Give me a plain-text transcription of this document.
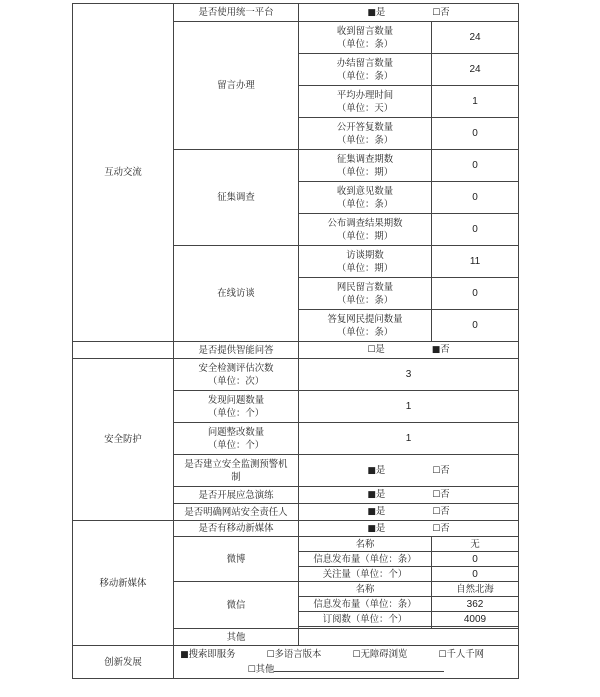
互动交流	是否使用统一平台	■是 ☐否	
	留言办理	收到留言数量
（单位：条）	24
		办结留言数量
（单位：条）	24
		平均办理时间
（单位：天）	1
		公开答复数量
（单位：条）	0
	征集调查	征集调查期数
（单位：期）	0
		收到意见数量
（单位：条）	0
		公布调查结果期数
（单位：期）	0
	在线访谈	访谈期数
（单位：期）	11
		网民留言数量
（单位：条）	0
		答复网民提问数量
（单位：条）	0
	是否提供智能问答	☐是 ■否	
安全防护	安全检测评估次数
（单位：次）	3	
	发现问题数量
（单位：个）	1	
	问题整改数量
（单位：个）	1	
	是否建立安全监测预警机
制	■是 ☐否	
	是否开展应急演练	■是 ☐否	
	是否明确网站安全责任人	■是 ☐否	
移动新媒体	是否有移动新媒体	■是 ☐否	
	微博	名称	无
		信息发布量（单位：条）	0
		关注量（单位：个）	0
	微信	名称	自然北海
		信息发布量（单位：条）	362
		订阅数（单位：个）	4009

	其他		
创新发展	■搜索即服务 ☐多语言版本 ☐无障碍浏览 ☐千人千网
☐其他		
